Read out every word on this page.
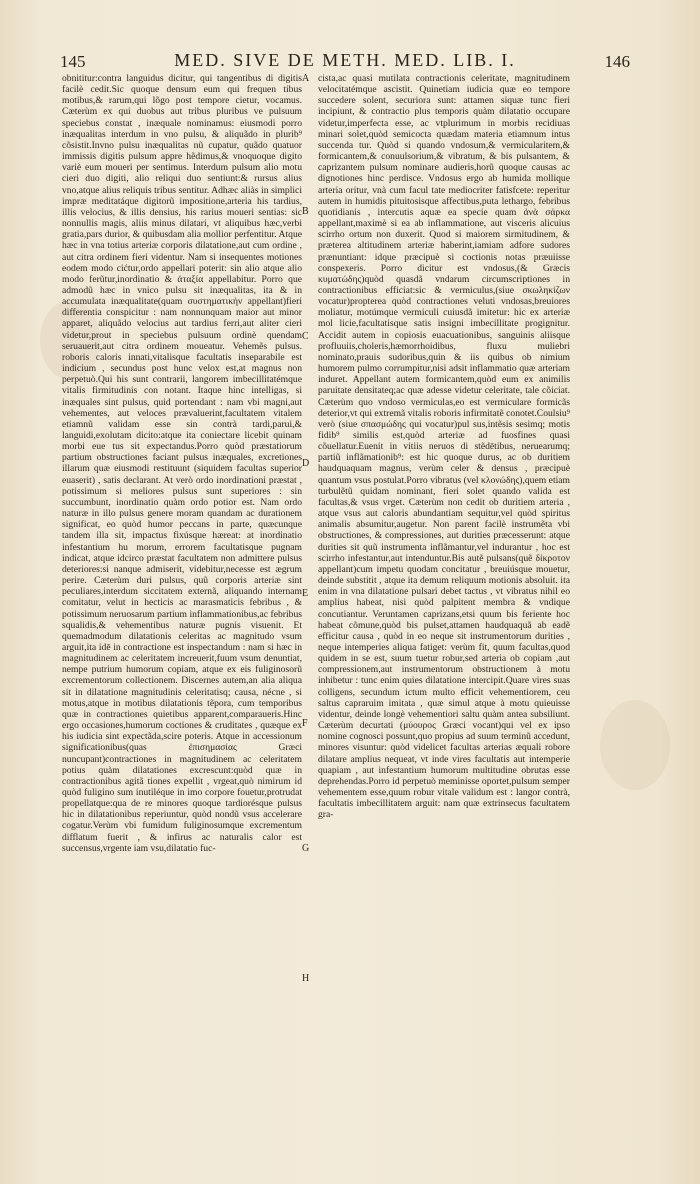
145	MED. SIVE DE METH. MED. LIB. I.	146

obnititur:contra languidus dicitur, qui tangentibus di digitis facilè cedit.Sic quoque densum eum qui frequen tibus motibus,& rarum,qui lõgo post tempore cietur, vocamus. Cæterùm ex qui duobus aut tribus pluribus ve pulsuum speciebus constat , inæquale nominamus: eiusmodi porro inæqualitas interdum in vno pulsu, & aliquãdo in plurib⁹ cõsistit.Invno pulsu inæqualitas nũ cupatur, quãdo quatuor immissis digitis pulsum appre hẽdimus,& vnoquoque digito variè eum moueri per sentimus. Interdum pulsum alio motu cieri duo digiti, alio reliqui duo sentiunt:& rursus alius vno,atque alius reliquis tribus sentitur. Adhæc aliàs in simplici impræ meditatáque digitorũ impositione,arteria his tardius, illis velocius, & illis densius, his rarius moueri sentias: sic nonnullis magis, aliis minus dilatari, vt aliquibus hæc,verbi gratia,pars durior, & quibusdam alia mollior perfentitur. Atque hæc in vna totius arteriæ corporis dilatatione,aut cum ordine , aut citra ordinem fieri videntur. Nam si insequentes motiones eodem modo cićtur,ordo appellari poterit: sin alio atque alio modo ferũtur,inordinatio & ἀταξία appellabitur. Porro que admodũ hæc in vnico pulsu sit inæqualitas, ita & in accumulata inæqualitate(quam συστηματικὴν appellant)fieri differentia conspicitur : nam nonnunquam maior aut minor apparet, aliquãdo velocius aut tardius ferri,aut aliter cieri videtur,prout in speciebus pulsuum ordinè quendam seruauerit,aut citra ordinem moueatur. Vehemẽs pulsus. roboris caloris innati,vitalisque facultatis inseparabile est indicium , secundus post hunc velox est,at magnus non perpetuò.Qui his sunt contrarii, langorem imbecillitatémque vitalis firmitudinis con notant. Itaque hinc intelligas, si inæquales sint pulsus, quid portendant : nam vbi magni,aut vehementes, aut veloces prævaluerint,facultatem vitalem etiamnũ validam esse sin contrà tardi,parui,& languidi,exolutam dicito:atque ita coniectare licebit quinam morbi eue tus sit expectandus.Porro quòd præstatiorum partium obstructiones faciant pulsus inæquales, excretiones illarum quæ eiusmodi restituunt (siquidem facultas superior euaserit) , satis declarant. At verò ordo inordinationi præstat , potissimum si meliores pulsus sunt superiores : sin succumbunt, inordinatio quàm ordo potior est. Nam ordo naturæ in illo pulsus genere moram quandam ac durationem significat, eo quòd humor peccans in parte, quæcunque tandem illa sit, impactus fixúsque hæreat: at inordinatio infestantium hu morum, errorem facultatisque pugnam indicat, atque idcirco præstat facultatem non admittere pulsus deteriores:si nanque admiserit, videbitur,necesse est ægrum perire. Cæterùm duri pulsus, quũ corporis arteriæ sint peculiares,interdum siccitatem externã, aliquando internam comitatur, velut in hecticis ac marasmaticis febribus , & potissimum neruosarum partium inflammationibus,ac febribus squalidis,& vehementibus naturæ pugnis visuenit. Et quemadmodum dilatationis celeritas ac magnitudo vsum arguit,ita idē in contractione est inspectandum : nam si hæc in magnitudinem ac celeritatem increuerit,fuum vsum denuntiat, nempe putrium humorum copiam, atque ex eis fuliginosorũ excrementorum collectionem. Discernes autem,an alia aliqua sit in dilatatione magnitudinis celeritatisq; causa, nécne , si motus,atque in motibus dilatationis tẽpora, cum temporibus quæ in contractiones quietibus apparent,comparaueris.Hinc ergo occasiones,humorum coctiones & cruditates , quæque ex his iudicia sint expectãda,scire poteris. Atque in accessionum significationibus(quas ἐπισημασίας Græci nuncupant)contractiones in magnitudinem ac celeritatem potius quàm dilatationes excrescunt:quòd quæ in contractionibus agitã tiones expellit , vrgeat,quò nimirum id quòd fuligino sum inutiléque in imo corpore fouetur,protrudat propellatque:qua de re minores quoque tardiorésque pulsus hic in dilatationibus reperiuntur, quòd nondũ vsus accelerare cogatur.Verùm vbi fumidum fuliginosumque excrementum difflatum fuerit , & infirus ac naturalis calor est succensus,vrgente iam vsu,dilatatio fuc-

A
B
C
D
E
F
G
H

cista,ac quasi mutilata contractionis celeritate, magnitudinem velocitatémque ascistit. Quinetiam iudicia quæ eo tempore succedere solent, securiora sunt: attamen siquæ tunc fieri incipiunt, & contractio plus temporis quàm dilatatio occupare videtur,imperfecta esse, ac vtplurimum in morbis recidiuas minari solet,quòd semicocta quædam materia etiamnum intus succenda tur. Quòd si quando vndosum,& vermicularitem,& formicantem,& conuulsorium,& vibratum, & bis pulsantem, & caprizantem pulsum nominare audieris,horũ quoque causas ac dignotiones hinc perdisce. Vndosus ergo ab humida mollique arteria oritur, vnà cum facul tate mediocriter fatisfcete: reperitur autem in humidis pituitosisque affectibus,puta lethargo, febribus quotidianis , intercutis aquæ ea specie quam ἀνὰ σάρκα appellant,maximè si ea ab inflammatione, aut visceris alicuius scirrho ortum non duxerit. Quod si maiorem sirmitudinem, & præterea altitudinem arteriæ haberint,iamiam adfore sudores prænuntiant: idque præcipuè si coctionis notas præuiisse conspexeris. Porro dicitur est vndosus,(& Græcis κυματώδης)quòd quasdã vndarum circumscriptiones in contractionibus efficiat:sic & vermiculus,(siue σκωληκίζων vocatur)propterea quòd contractiones veluti vndosas,breuiores moliatur, motúmque vermiculi cuiusdã imitetur: hic ex arteriæ mol licie,facultatisque satis insigni imbecillitate progignitur. Accidit autem in copiosis euacuationibus, sanguinis aliisque profluuiis,choleris,hæmorrhoidibus, fluxu muliebri nominato,prauis sudoribus,quin & iis quibus ob nimium humorem pulmo corrumpitur,nisi adsit inflammatio quæ arteriam induret. Appellant autem formicantem,quòd eum ex animilis paruitate densitateq;ac quæ adesse videtur celeritate, tale cõiciat. Cæterùm quo vndoso vermiculas,eo est vermiculare formicãs deterior,vt qui extremã vitalis roboris infirmitatẽ conotet.Coulsiu⁹ verò (siue σπασμώδης qui vocatur)pul sus,intẽsis sesimq; motis fidib⁹ similis est,quòd arteriæ ad fuosfines quasi cõuellatur.Euenit in vitiis neruos di stẽdētibus, neruearumq; partiũ inflãmationib⁹: est hic quoque durus, ac ob duritiem haudquaquam magnus, verùm celer & densus , præcipuè quantum vsus postulat.Porro vibratus (vel κλονώδης),quem etiam turbulẽtũ quidam nominant, fieri solet quando valida est facultas,& vsus vrget. Cæterùm non cedit ob duritiem arteria , atque vsus aut caloris abundantiam sequitur,vel quòd spiritus animalis absumitur,augetur. Non parent facilè instrumẽta vbi obstructiones, & compressiones, aut durities præcesserunt: atque durities sit quũ instrumenta inflãmantur,vel indurantur , hoc est scirrho infestantur,aut intenduntur.Bis autẽ pulsans(quẽ δίκροτον appellant)cum impetu quodam concitatur , breuiúsque mouetur, deinde substitit , atque ita demum reliquum motionis absoluit. ita enim in vna dilatatione pulsari debet tactus , vt vibratus nihil eo amplius habeat, nisi quòd palpitent membra & vndique concutiantur. Veruntamen caprizans,etsi quum bis feriente hoc habeat cõmune,quòd bis pulset,attamen haudquaquã ab eadẽ efficitur causa , quòd in eo neque sit instrumentorum durities , neque intemperies aliqua fatiget: verùm fit, quum facultas,quod quidem in se est, suum tuetur robur,sed arteria ob copiam ,aut compressionem,aut instrumentorum obstructionem à motu inhibetur : tunc enim quies dilatatione intercipit.Quare vires suas colligens, secundum ictum multo efficit vehementiorem, ceu saltus capraruim imitata , quæ simul atque à motu quieuisse videntur, deinde longè vehementiori saltu quàm antea subsiliunt. Cæterùm decurtati (μύουρος Græci vocant)qui vel ex ipso nomine cognosci possunt,quo propius ad suum terminũ accedunt, minores visuntur: quòd videlicet facultas arterias æquali robore dilatare amplius nequeat, vt inde vires facultatis aut intemperie quapiam , aut infestantium humorum multitudine obrutas esse deprehendas.Porro id perpetuò meminisse oportet,pulsum semper vehementem esse,quum robur vitale validum est : langor contrà, facultatis imbecillitatem arguit: nam quæ extrinsecus facultatem gra-
